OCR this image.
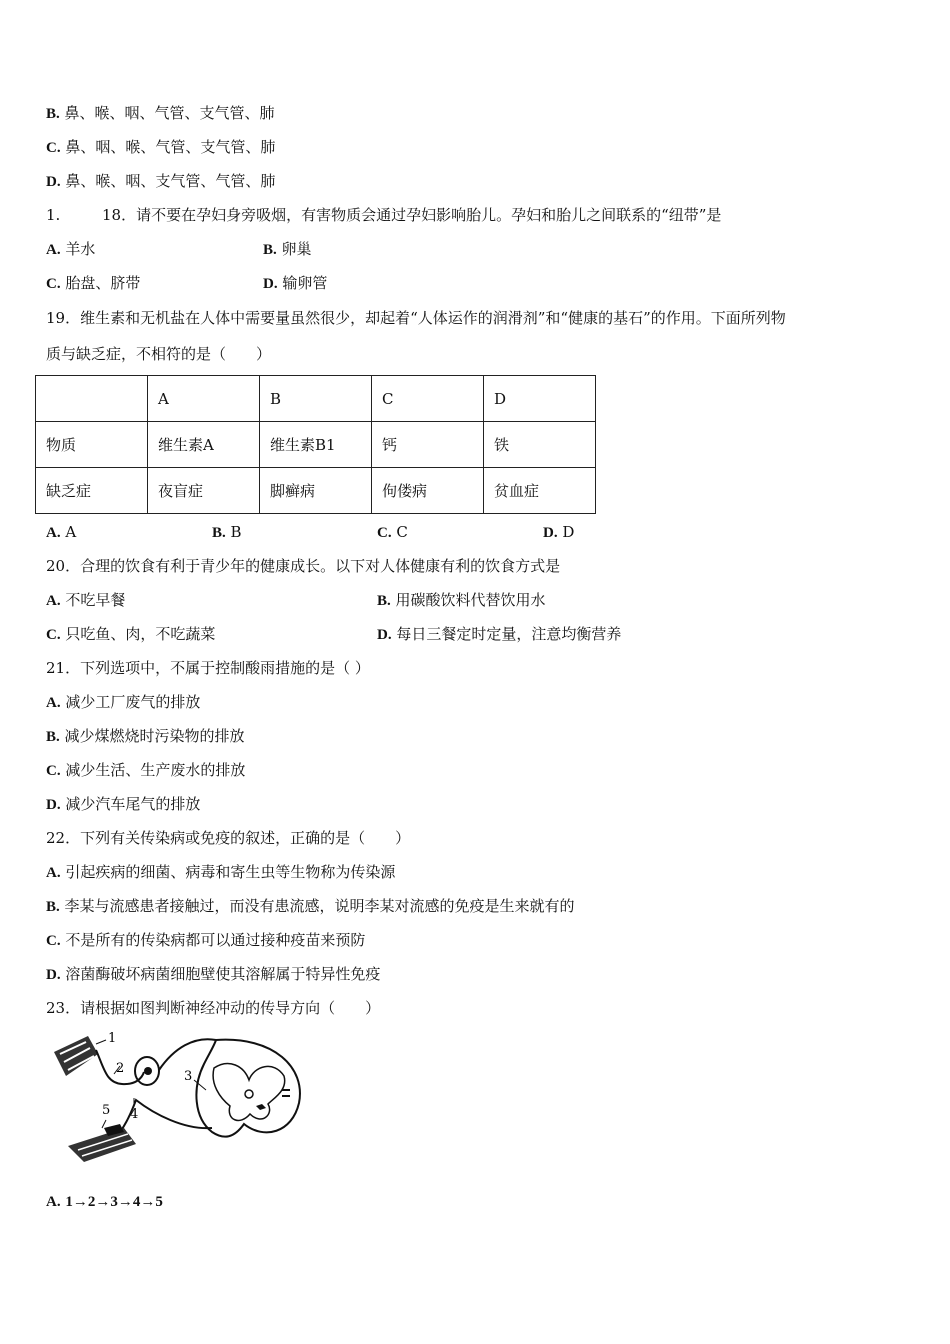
B. 鼻、喉、咽、气管、支气管、肺
C. 鼻、咽、喉、气管、支气管、肺
D. 鼻、喉、咽、支气管、气管、肺
1.	18．请不要在孕妇身旁吸烟，有害物质会通过孕妇影响胎儿。孕妇和胎儿之间联系的“纽带”是
A. 羊水	B. 卵巢
C. 胎盘、脐带	D. 输卵管
19．维生素和无机盐在人体中需要量虽然很少，却起着“人体运作的润滑剂”和“健康的基石”的作用。下面所列物
质与缺乏症，不相符的是（　　）
	A	B	C	D
物质	维生素A	维生素B1	钙	铁
缺乏症	夜盲症	脚癣病	佝偻病	贫血症
A. A	B. B	C. C	D. D
20．合理的饮食有利于青少年的健康成长。以下对人体健康有利的饮食方式是
A. 不吃早餐	B. 用碳酸饮料代替饮用水
C. 只吃鱼、肉，不吃蔬菜	D. 每日三餐定时定量，注意均衡营养
21．下列选项中，不属于控制酸雨措施的是（ ）
A. 减少工厂废气的排放
B. 减少煤燃烧时污染物的排放
C. 减少生活、生产废水的排放
D. 减少汽车尾气的排放
22．下列有关传染病或免疫的叙述，正确的是（　　）
A. 引起疾病的细菌、病毒和寄生虫等生物称为传染源
B. 李某与流感患者接触过，而没有患流感，说明李某对流感的免疫是生来就有的
C. 不是所有的传染病都可以通过接种疫苗来预防
D. 溶菌酶破坏病菌细胞壁使其溶解属于特异性免疫
23．请根据如图判断神经冲动的传导方向（　　）
1
2
3
4
5
A. 1→2→3→4→5
